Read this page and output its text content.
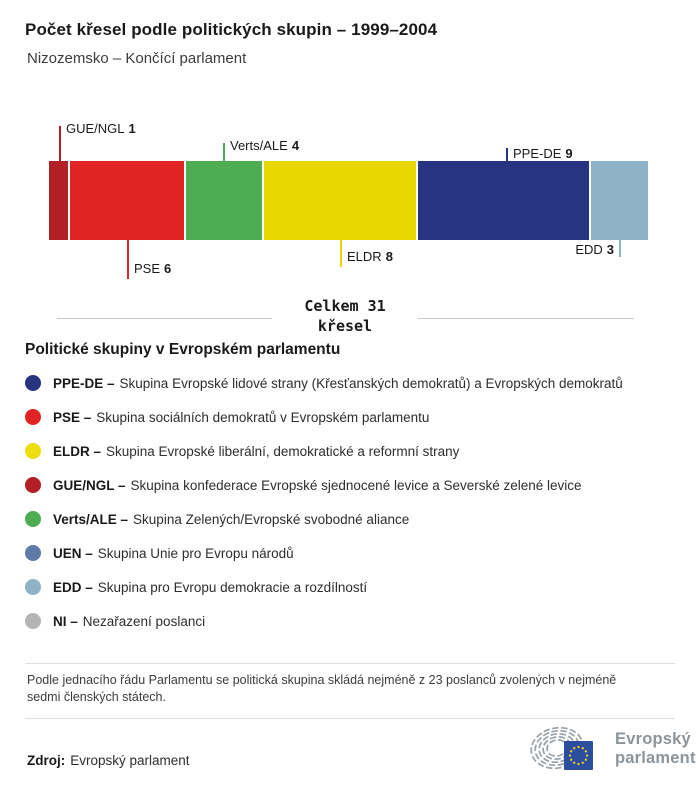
Počet křesel podle politických skupin – 1999–2004
Nizozemsko – Končící parlament
GUE/NGL 1
Verts/ALE 4
PPE-DE 9
PSE 6
ELDR 8	EDD 3
Celkem 31
křesel
Politické skupiny v Evropském parlamentu
PPE-DE – Skupina Evropské lidové strany (Křesťanských demokratů) a Evropských demokratů
PSE – Skupina sociálních demokratů v Evropském parlamentu
ELDR – Skupina Evropské liberální, demokratické a reformní strany
GUE/NGL – Skupina konfederace Evropské sjednocené levice a Severské zelené levice
Verts/ALE – Skupina Zelených/Evropské svobodné aliance
UEN – Skupina Unie pro Evropu národů
EDD – Skupina pro Evropu demokracie a rozdílností
NI – Nezařazení poslanci
Podle jednacího řádu Parlamentu se politická skupina skládá nejméně z 23 poslanců zvolených v nejméně sedmi členských státech.
Zdroj: Evropský parlament
Evropský
parlament
